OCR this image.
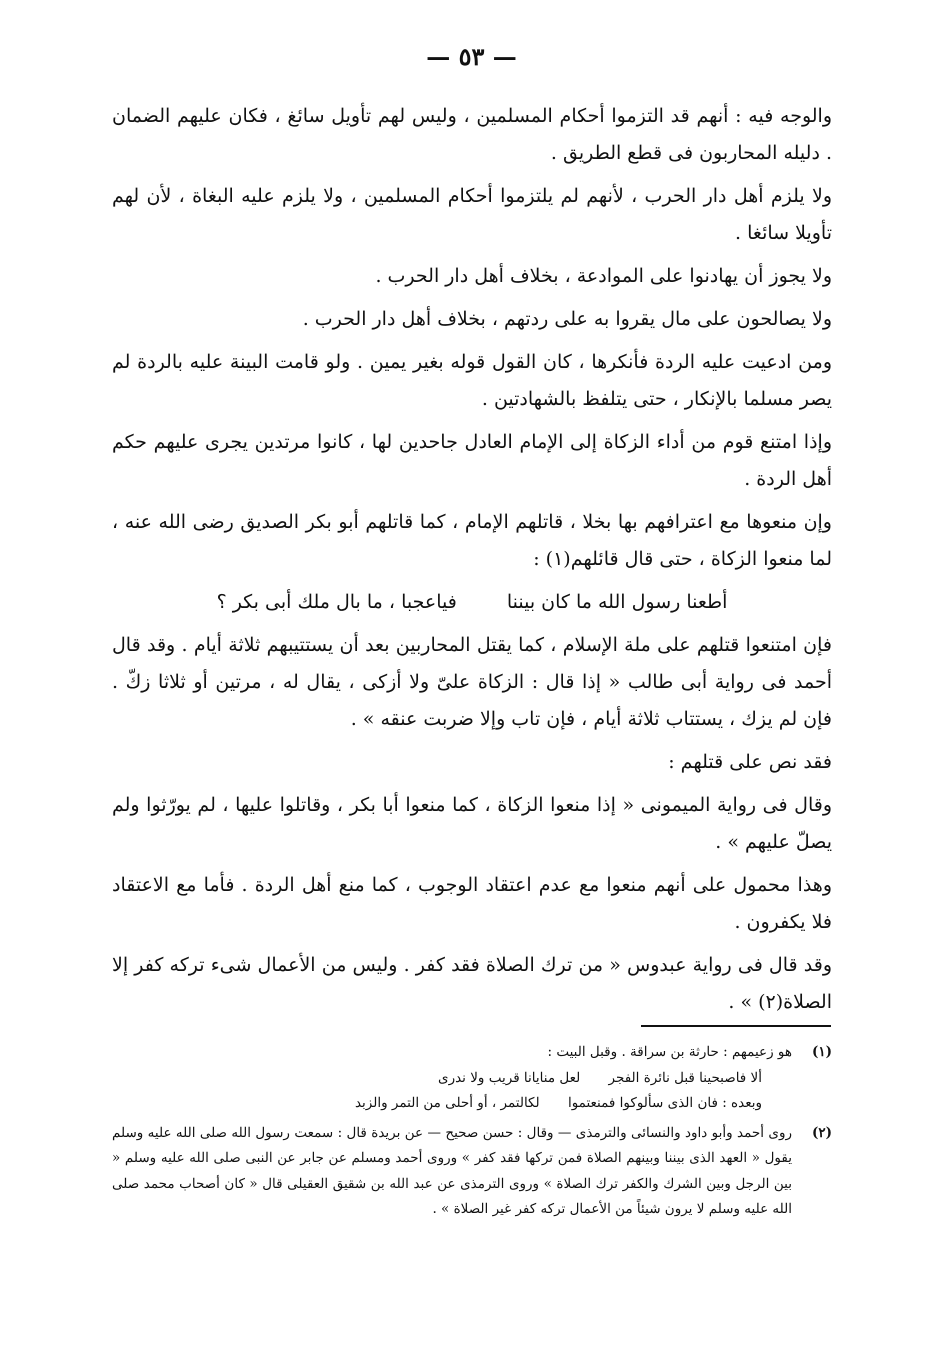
— ٥٣ —

والوجه فيه : أنهم قد التزموا أحكام المسلمين ، وليس لهم تأويل سائغ ، فكان عليهم الضمان . دليله المحاربون فى قطع الطريق .

ولا يلزم أهل دار الحرب ، لأنهم لم يلتزموا أحكام المسلمين ، ولا يلزم عليه البغاة ، لأن لهم تأويلا سائغا .

ولا يجوز أن يهادنوا على الموادعة ، بخلاف أهل دار الحرب .

ولا يصالحون على مال يقروا به على ردتهم ، بخلاف أهل دار الحرب .

ومن ادعيت عليه الردة فأنكرها ، كان القول قوله بغير يمين . ولو قامت البينة عليه بالردة لم يصر مسلما بالإنكار ، حتى يتلفظ بالشهادتين .

وإذا امتنع قوم من أداء الزكاة إلى الإمام العادل جاحدين لها ، كانوا مرتدين يجرى عليهم حكم أهل الردة .

وإن منعوها مع اعترافهم بها بخلا ، قاتلهم الإمام ، كما قاتلهم أبو بكر الصديق رضى الله عنه ، لما منعوا الزكاة ، حتى قال قائلهم(١) :

أطعنا رسول الله ما كان بيننا فياعجبا ، ما بال ملك أبى بكر ؟

فإن امتنعوا قتلهم على ملة الإسلام ، كما يقتل المحاربين بعد أن يستتيبهم ثلاثة أيام . وقد قال أحمد فى رواية أبى طالب « إذا قال : الزكاة علىّ ولا أزكى ، يقال له ، مرتين أو ثلاثا زكّ . فإن لم يزك ، يستتاب ثلاثة أيام ، فإن تاب وإلا ضربت عنقه » .

فقد نص على قتلهم :

وقال فى رواية الميمونى « إذا منعوا الزكاة ، كما منعوا أبا بكر ، وقاتلوا عليها ، لم يورّثوا ولم يصلّ عليهم » .

وهذا محمول على أنهم منعوا مع عدم اعتقاد الوجوب ، كما منع أهل الردة . فأما مع الاعتقاد فلا يكفرون .

وقد قال فى رواية عبدوس « من ترك الصلاة فقد كفر . وليس من الأعمال شىء تركه كفر إلا الصلاة(٢) » .

(١)
هو زعيمهم : حارثة بن سراقة . وقبل البيت :
ألا فاصبحينا قبل نائرة الفجر لعل منايانا قريب ولا ندرى
وبعده : فان الذى سألوكوا فمنعتموا لكالتمر ، أو أحلى من التمر والزبد
(٢)
روى أحمد وأبو داود والنسائى والترمذى — وقال : حسن صحيح — عن بريدة قال : سمعت رسول الله صلى الله عليه وسلم يقول « العهد الذى بيننا وبينهم الصلاة فمن تركها فقد كفر » وروى أحمد ومسلم عن جابر عن النبى صلى الله عليه وسلم « بين الرجل وبين الشرك والكفر ترك الصلاة » وروى الترمذى عن عبد الله بن شقيق العقيلى قال « كان أصحاب محمد صلى الله عليه وسلم لا يرون شيئاً من الأعمال تركه كفر غير الصلاة » .
